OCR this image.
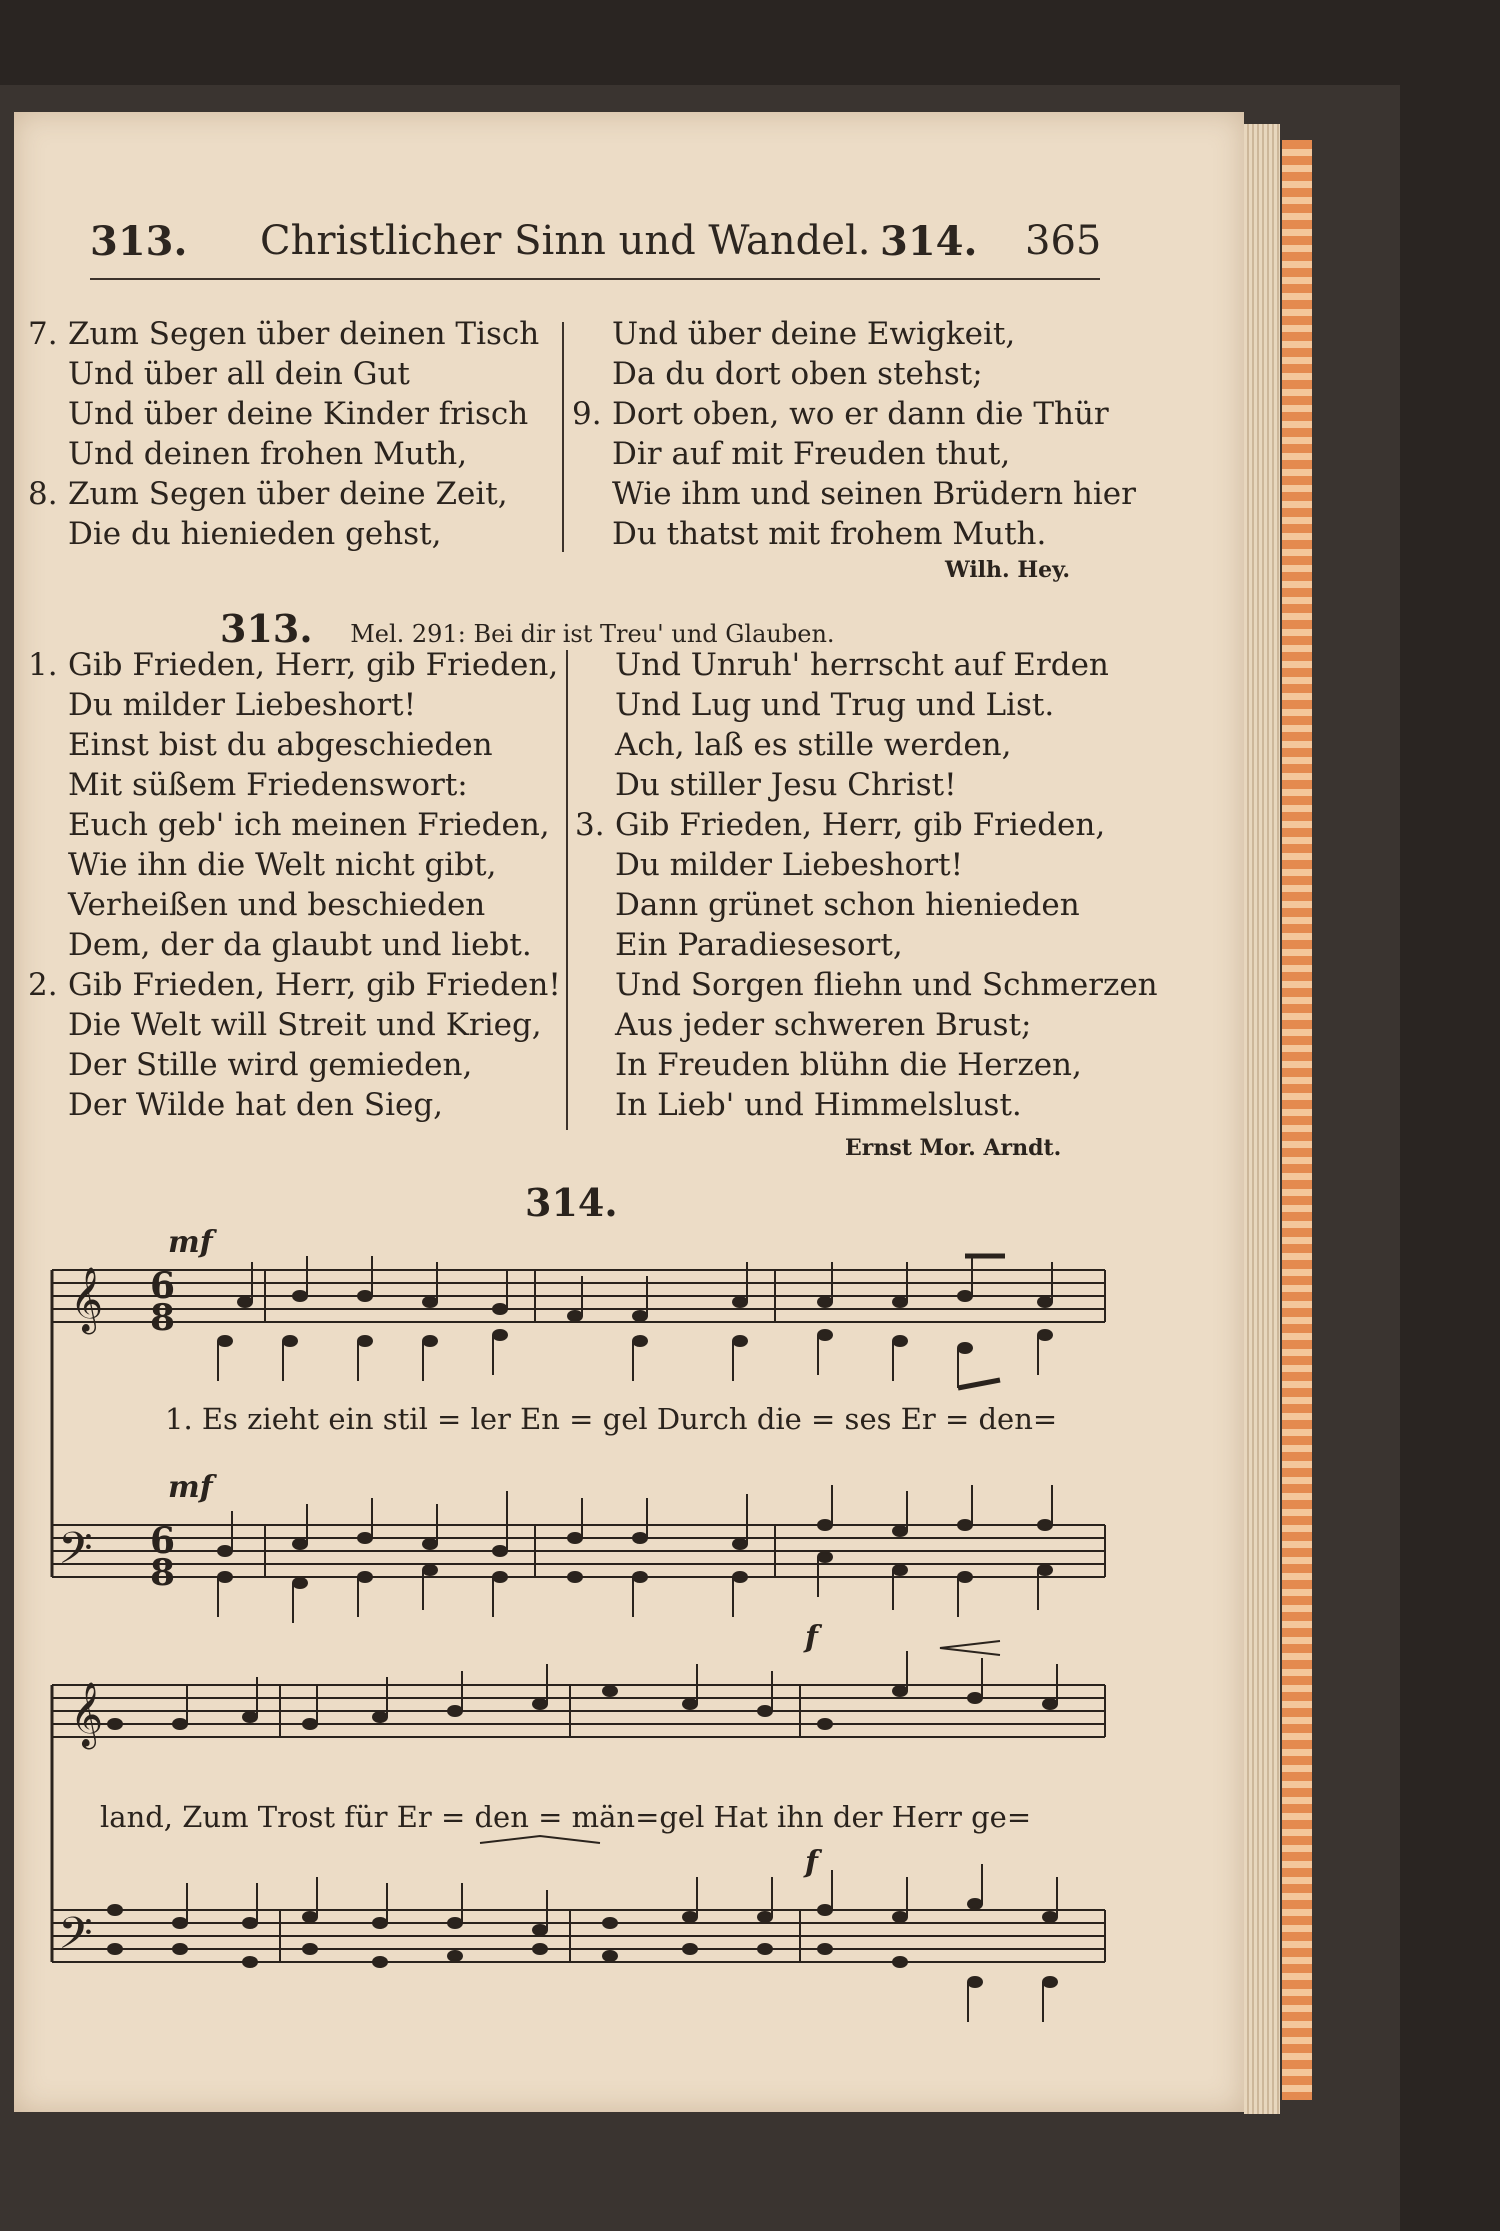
313. Christlicher Sinn und Wandel. 314. 365
7. Zum Segen über deinen Tisch
Und über all dein Gut
Und über deine Kinder frisch
Und deinen frohen Muth,
8. Zum Segen über deine Zeit,
Die du hienieden gehst,
Und über deine Ewigkeit,
Da du dort oben stehst;
9. Dort oben, wo er dann die Thür
Dir auf mit Freuden thut,
Wie ihm und seinen Brüdern hier
Du thatst mit frohem Muth.
Wilh. Hey.
313. Mel. 291: Bei dir ist Treu' und Glauben.
1. Gib Frieden, Herr, gib Frieden,
Du milder Liebeshort!
Einst bist du abgeschieden
Mit süßem Friedenswort:
Euch geb' ich meinen Frieden,
Wie ihn die Welt nicht gibt,
Verheißen und beschieden
Dem, der da glaubt und liebt.
2. Gib Frieden, Herr, gib Frieden!
Die Welt will Streit und Krieg,
Der Stille wird gemieden,
Der Wilde hat den Sieg,
Und Unruh' herrscht auf Erden
Und Lug und Trug und List.
Ach, laß es stille werden,
Du stiller Jesu Christ!
3. Gib Frieden, Herr, gib Frieden,
Du milder Liebeshort!
Dann grünet schon hienieden
Ein Paradiesesort,
Und Sorgen fliehn und Schmerzen
Aus jeder schweren Brust;
In Freuden blühn die Herzen,
In Lieb' und Himmelslust.
Ernst Mor. Arndt.
314.
𝄞
𝄢
𝄞
𝄢
6
8
6
8
mf
mf
f
f
1. Es zieht ein stil = ler En = gel Durch die = ses Er = den=
land, Zum Trost für Er = den = män=gel Hat ihn der Herr ge=
